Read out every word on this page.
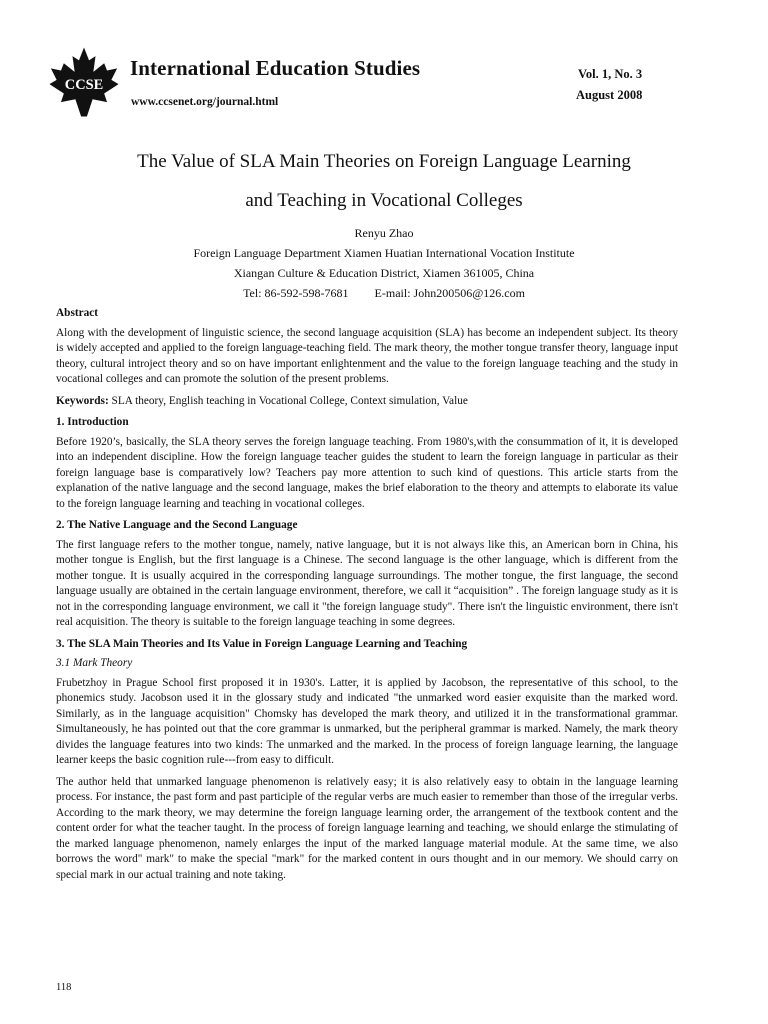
CCSE
International Education Studies
www.ccsenet.org/journal.html
Vol. 1, No. 3
August 2008
The Value of SLA Main Theories on Foreign Language Learning
and Teaching in Vocational Colleges
Renyu Zhao
Foreign Language Department Xiamen Huatian International Vocation Institute
Xiangan Culture & Education District, Xiamen 361005, China
Tel: 86-592-598-7681 E-mail: John200506@126.com
Abstract

Along with the development of linguistic science, the second language acquisition (SLA) has become an independent subject. Its theory is widely accepted and applied to the foreign language-teaching field. The mark theory, the mother tongue transfer theory, language input theory, cultural introject theory and so on have important enlightenment and the value to the foreign language teaching and the study in vocational colleges and can promote the solution of the present problems.

Keywords: SLA theory, English teaching in Vocational College, Context simulation, Value

1. Introduction

Before 1920’s, basically, the SLA theory serves the foreign language teaching. From 1980's,with the consummation of it, it is developed into an independent discipline. How the foreign language teacher guides the student to learn the foreign language in particular as their foreign language base is comparatively low? Teachers pay more attention to such kind of questions. This article starts from the explanation of the native language and the second language, makes the brief elaboration to the theory and attempts to elaborate its value to the foreign language learning and teaching in vocational colleges.

2. The Native Language and the Second Language

The first language refers to the mother tongue, namely, native language, but it is not always like this, an American born in China, his mother tongue is English, but the first language is a Chinese. The second language is the other language, which is different from the mother tongue. It is usually acquired in the corresponding language surroundings. The mother tongue, the first language, the second language usually are obtained in the certain language environment, therefore, we call it “acquisition” . The foreign language study as it is not in the corresponding language environment, we call it "the foreign language study". There isn't the linguistic environment, there isn't real acquisition. The theory is suitable to the foreign language teaching in some degrees.

3. The SLA Main Theories and Its Value in Foreign Language Learning and Teaching
3.1 Mark Theory

Frubetzhoy in Prague School first proposed it in 1930's. Latter, it is applied by Jacobson, the representative of this school, to the phonemics study. Jacobson used it in the glossary study and indicated "the unmarked word easier exquisite than the marked word. Similarly, as in the language acquisition" Chomsky has developed the mark theory, and utilized it in the transformational grammar. Simultaneously, he has pointed out that the core grammar is unmarked, but the peripheral grammar is marked. Namely, the mark theory divides the language features into two kinds: The unmarked and the marked. In the process of foreign language learning, the language learner keeps the basic cognition rule---from easy to difficult.

The author held that unmarked language phenomenon is relatively easy; it is also relatively easy to obtain in the language learning process. For instance, the past form and past participle of the regular verbs are much easier to remember than those of the irregular verbs. According to the mark theory, we may determine the foreign language learning order, the arrangement of the textbook content and the content order for what the teacher taught. In the process of foreign language learning and teaching, we should enlarge the stimulating of the marked language phenomenon, namely enlarges the input of the marked language material module. At the same time, we also borrows the word" mark" to make the special "mark" for the marked content in ours thought and in our memory. We should carry on special mark in our actual training and note taking.

118
